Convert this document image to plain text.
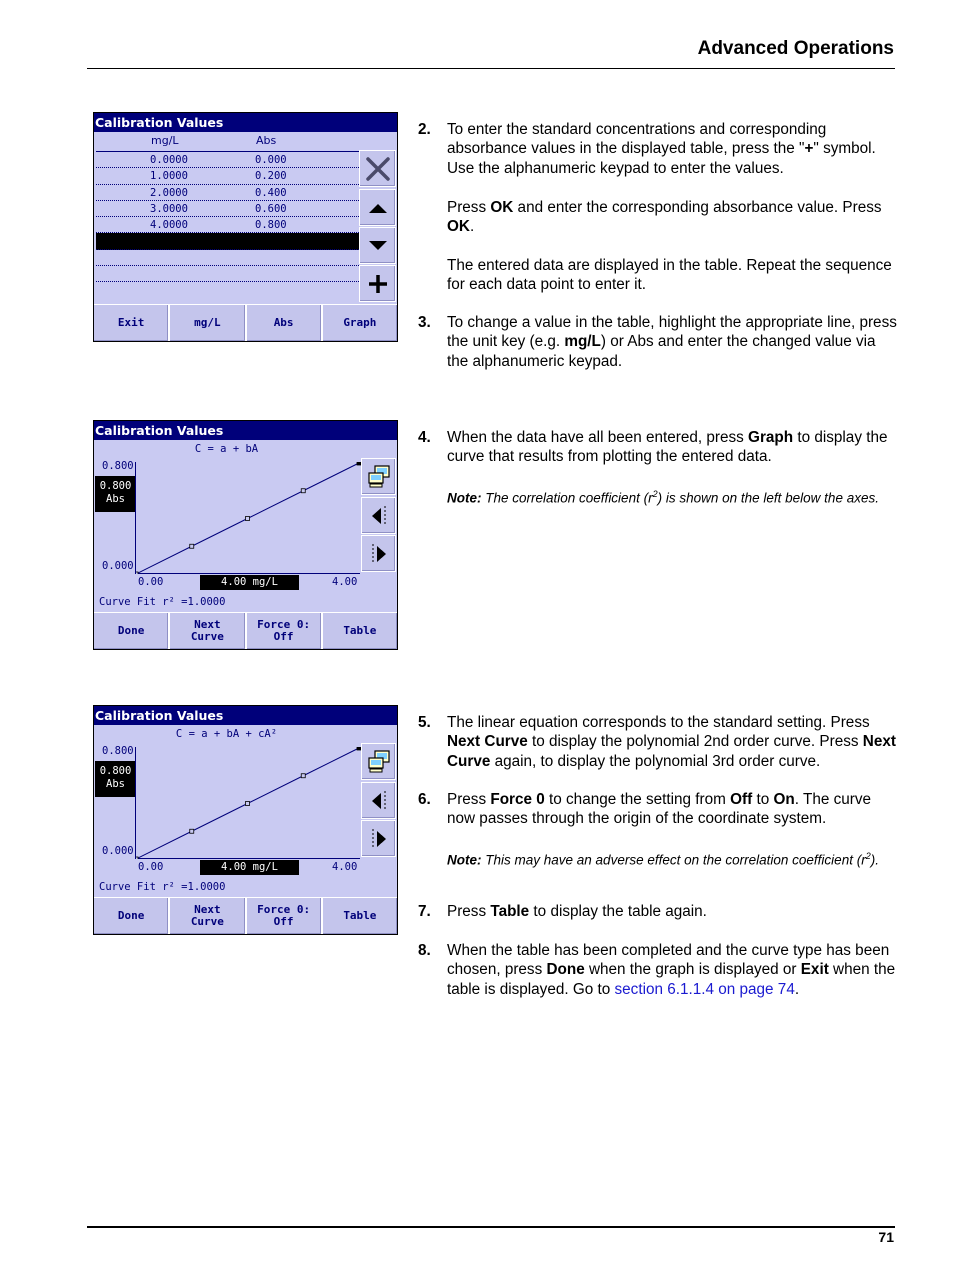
Advanced Operations
71
Calibration Values
mg/L	Abs
0.0000	0.000
1.0000	0.200
2.0000	0.400
3.0000	0.600
4.0000	0.800
Exit	mg/L	Abs	Graph
Calibration Values
C = a + bA
0.800
0.800
Abs
0.000
0.00	4.00 mg/L	4.00
Curve Fit r² =1.0000
Done	Next
Curve
Force 0:
Off	Table
Calibration Values
C = a + bA + cA²
0.800
0.800
Abs
0.000
0.00	4.00 mg/L	4.00
Curve Fit r² =1.0000
Done	Next
Curve
Force 0:
Off	Table
2. To enter the standard concentrations and corresponding absorbance values in the displayed table, press the "+" symbol. Use the alphanumeric keypad to enter the values.

Press OK and enter the corresponding absorbance value. Press OK.

The entered data are displayed in the table. Repeat the sequence for each data point to enter it.

3. To change a value in the table, highlight the appropriate line, press the unit key (e.g. mg/L) or Abs and enter the changed value via the alphanumeric keypad.

4. When the data have all been entered, press Graph to display the curve that results from plotting the entered data.

Note: The correlation coefficient $(r^2)$ is shown on the left below the axes.

5. The linear equation corresponds to the standard setting. Press Next Curve to display the polynomial 2nd order curve. Press Next Curve again, to display the polynomial 3rd order curve.

6. Press Force 0 to change the setting from Off to On. The curve now passes through the origin of the coordinate system.

Note: This may have an adverse effect on the correlation coefficient $(r^2)$.

7. Press Table to display the table again.

8. When the table has been completed and the curve type has been chosen, press Done when the graph is displayed or Exit when the table is displayed. Go to section 6.1.1.4 on page 74.
